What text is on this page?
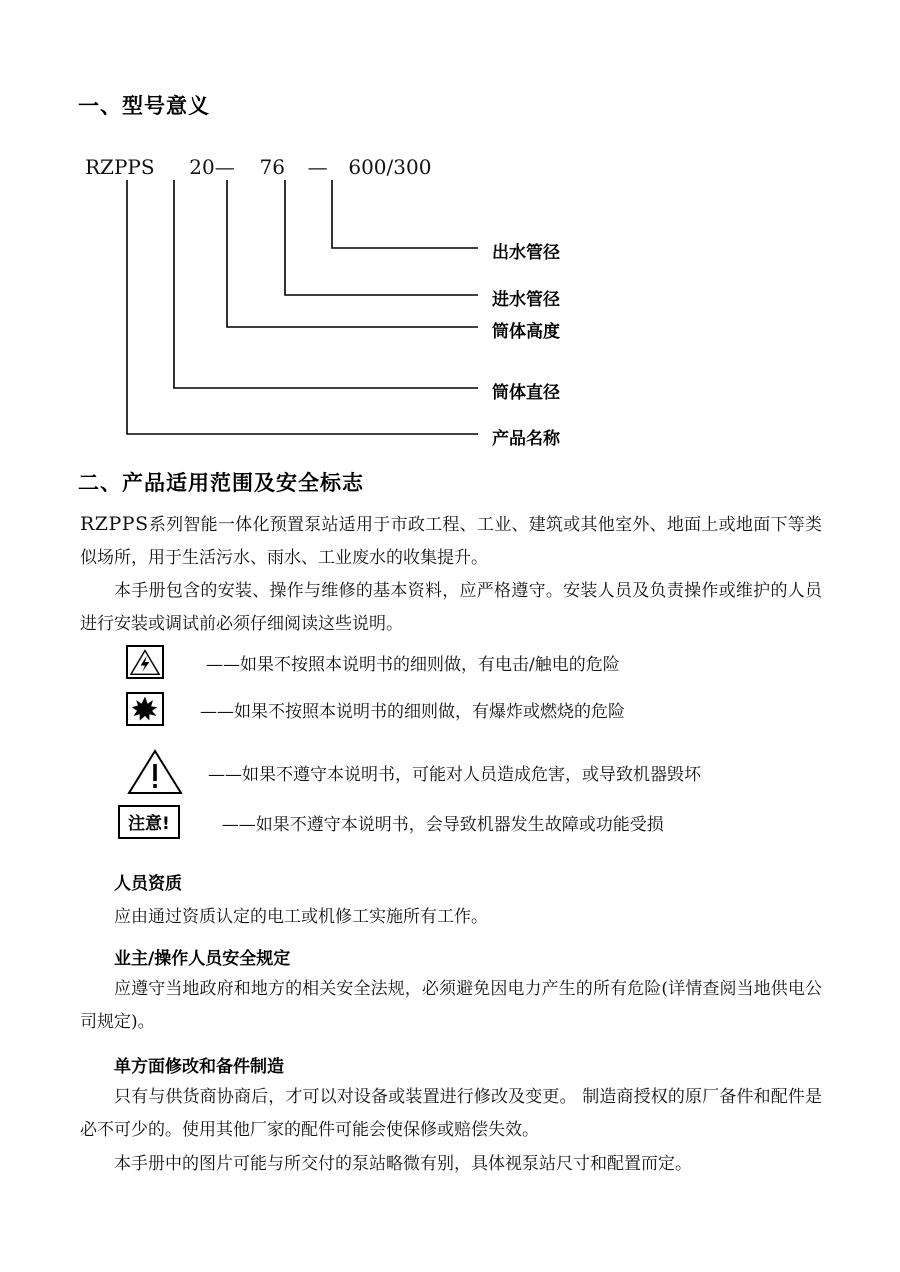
一、型号意义
RZPPS 20— 76 — 600/300
出水管径
进水管径
筒体高度
筒体直径
产品名称
二、产品适用范围及安全标志
RZPPS系列智能一体化预置泵站适用于市政工程、工业、建筑或其他室外、地面上或地面下等类似场所，用于生活污水、雨水、工业废水的收集提升。
本手册包含的安装、操作与维修的基本资料，应严格遵守。安装人员及负责操作或维护的人员进行安装或调试前必须仔细阅读这些说明。
——如果不按照本说明书的细则做，有电击/触电的危险
——如果不按照本说明书的细则做，有爆炸或燃烧的危险
——如果不遵守本说明书，可能对人员造成危害，或导致机器毁坏
注意!	——如果不遵守本说明书，会导致机器发生故障或功能受损
人员资质
应由通过资质认定的电工或机修工实施所有工作。
业主/操作人员安全规定
应遵守当地政府和地方的相关安全法规，必须避免因电力产生的所有危险(详情查阅当地供电公司规定)。
单方面修改和备件制造
只有与供货商协商后，才可以对设备或装置进行修改及变更。 制造商授权的原厂备件和配件是必不可少的。使用其他厂家的配件可能会使保修或赔偿失效。
本手册中的图片可能与所交付的泵站略微有别，具体视泵站尺寸和配置而定。
